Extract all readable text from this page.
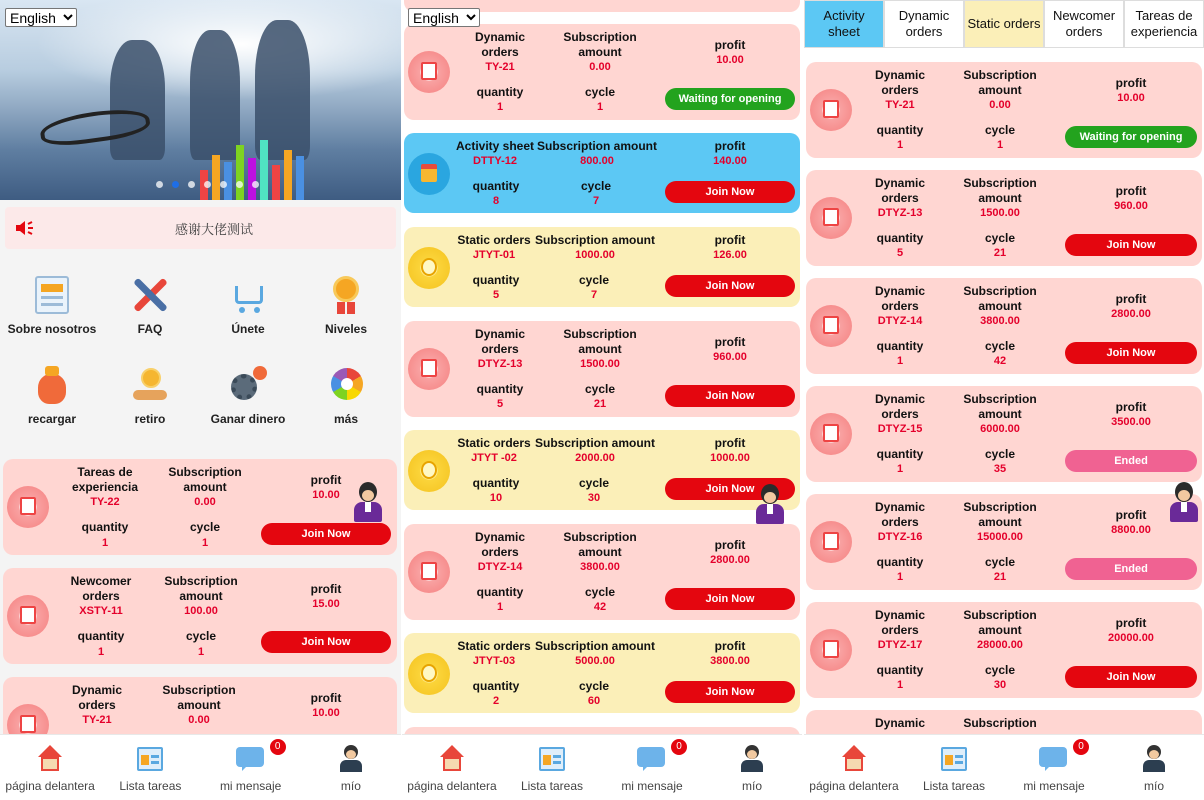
English
感谢大佬测试
Sobre nosotros	FAQ	Únete	Niveles
recargar	retiro	Ganar dinero	más
Tareas de
experiencia
TY-22
Subscription
amount
0.00
profit
10.00
quantity
1
cycle
1
Join Now
Newcomer
orders
XSTY-11
Subscription
amount
100.00
profit
15.00
quantity
1
cycle
1
Join Now
Dynamic
orders
TY-21
Subscription
amount
0.00
profit
10.00
página delantera	Lista tareas
0
mi mensaje	mío
English
Dynamic
orders
TY-21
Subscription
amount
0.00
profit
10.00
quantity
1
cycle
1
Waiting for opening
Activity sheet
DTTY-12
Subscription amount
800.00
profit
140.00
quantity
8
cycle
7
Join Now
Static orders
JTYT-01
Subscription amount
1000.00
profit
126.00
quantity
5
cycle
7
Join Now
Dynamic
orders
DTYZ-13
Subscription
amount
1500.00
profit
960.00
quantity
5
cycle
21
Join Now
Static orders
JTYT -02
Subscription amount
2000.00
profit
1000.00
quantity
10
cycle
30
Join Now
Dynamic
orders
DTYZ-14
Subscription
amount
3800.00
profit
2800.00
quantity
1
cycle
42
Join Now
Static orders
JTYT-03
Subscription amount
5000.00
profit
3800.00
quantity
2
cycle
60
Join Now
página delantera	Lista tareas
0
mi mensaje	mío
Activity
sheet
Dynamic
orders
Static orders
Newcomer
orders
Tareas de
experiencia
Dynamic
orders
TY-21
Subscription
amount
0.00
profit
10.00
quantity
1
cycle
1
Waiting for opening
Dynamic
orders
DTYZ-13
Subscription
amount
1500.00
profit
960.00
quantity
5
cycle
21
Join Now
Dynamic
orders
DTYZ-14
Subscription
amount
3800.00
profit
2800.00
quantity
1
cycle
42
Join Now
Dynamic
orders
DTYZ-15
Subscription
amount
6000.00
profit
3500.00
quantity
1
cycle
35
Ended
Dynamic
orders
DTYZ-16
Subscription
amount
15000.00
profit
8800.00
quantity
1
cycle
21
Ended
Dynamic
orders
DTYZ-17
Subscription
amount
28000.00
profit
20000.00
quantity
1
cycle
30
Join Now
Dynamic	Subscription
página delantera	Lista tareas
0
mi mensaje	mío
